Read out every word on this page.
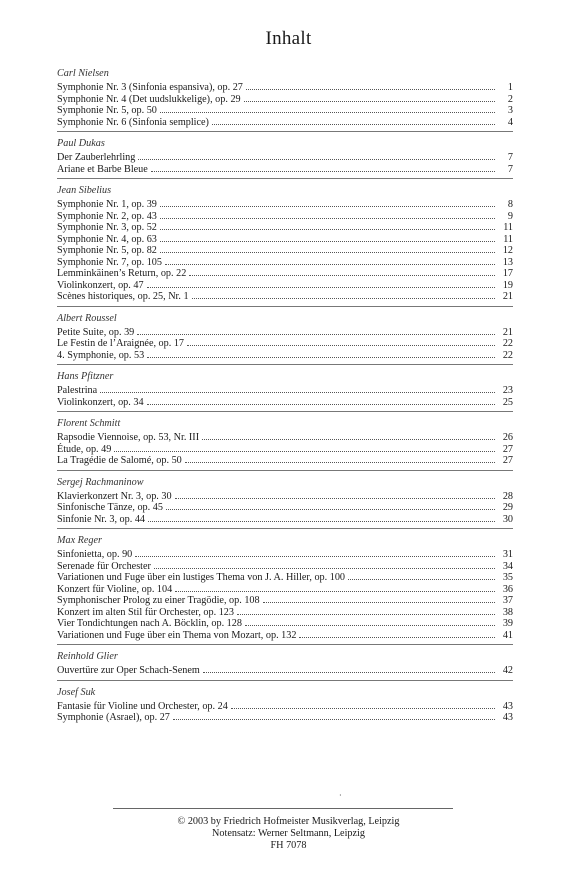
Inhalt
Carl Nielsen
Symphonie Nr. 3 (Sinfonia espansiva), op. 27	1
Symphonie Nr. 4 (Det uudslukkelige), op. 29	2
Symphonie Nr. 5, op. 50	3
Symphonie Nr. 6 (Sinfonia semplice)	4
Paul Dukas
Der Zauberlehrling	7
Ariane et Barbe Bleue	7
Jean Sibelius
Symphonie Nr. 1, op. 39	8
Symphonie Nr. 2, op. 43	9
Symphonie Nr. 3, op. 52	11
Symphonie Nr. 4, op. 63	11
Symphonie Nr. 5, op. 82	12
Symphonie Nr. 7, op. 105	13
Lemminkäinen’s Return, op. 22	17
Violinkonzert, op. 47	19
Scènes historiques, op. 25, Nr. 1	21
Albert Roussel
Petite Suite, op. 39	21
Le Festin de l’Araignée, op. 17	22
4. Symphonie, op. 53	22
Hans Pfitzner
Palestrina	23
Violinkonzert, op. 34	25
Florent Schmitt
Rapsodie Viennoise, op. 53, Nr. III	26
Étude, op. 49	27
La Tragédie de Salomé, op. 50	27
Sergej Rachmaninow
Klavierkonzert Nr. 3, op. 30	28
Sinfonische Tänze, op. 45	29
Sinfonie Nr. 3, op. 44	30
Max Reger
Sinfonietta, op. 90	31
Serenade für Orchester	34
Variationen und Fuge über ein lustiges Thema von J. A. Hiller, op. 100	35
Konzert für Violine, op. 104	36
Symphonischer Prolog zu einer Tragödie, op. 108	37
Konzert im alten Stil für Orchester, op. 123	38
Vier Tondichtungen nach A. Böcklin, op. 128	39
Variationen und Fuge über ein Thema von Mozart, op. 132	41
Reinhold Glier
Ouvertüre zur Oper Schach-Senem	42
Josef Suk
Fantasie für Violine und Orchester, op. 24	43
Symphonie (Asrael), op. 27	43
·
© 2003 by Friedrich Hofmeister Musikverlag, Leipzig
Notensatz: Werner Seltmann, Leipzig
FH 7078
